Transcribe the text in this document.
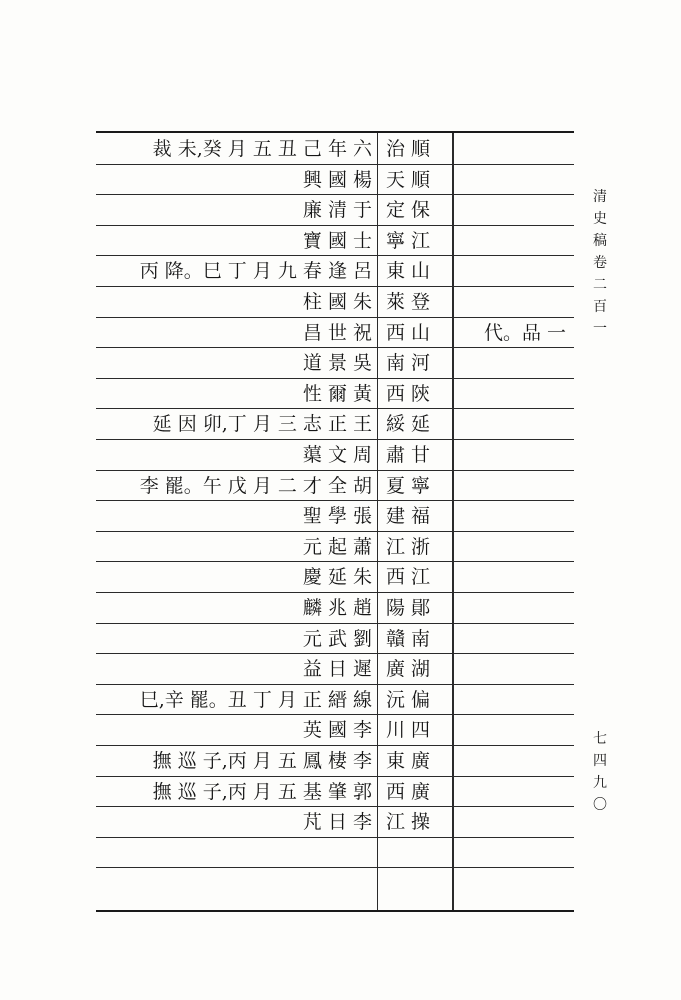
裁 未,癸 月 五 丑 己 年 六 治 順
興 國 楊 天 順
廉 清 于 定 保
寶 國 士 寧 江
丙 降。巳 丁 月 九 春 逢 呂 東 山
柱 國 朱 萊 登
昌 世 祝 西 山	代。品 一
道 景 吳 南 河
性 爾 黃 西 陝
延 因 卯,丁 月 三 志 正 王 綏 延
蕖 文 周 肅 甘
李 罷。午 戊 月 二 才 全 胡 夏 寧
聖 學 張 建 福
元 起 蕭 江 浙
慶 延 朱 西 江
麟 兆 趙 陽 鄖
元 武 劉 贛 南
益 日 遲 廣 湖
巳,辛 罷。丑 丁 月 正 縉 線 沅 偏
英 國 李 川 四
撫 巡 子,丙 月 五 鳳 棲 李 東 廣
撫 巡 子,丙 月 五 基 肇 郭 西 廣
芃 日 李 江 操
清史稿卷二百一
七四九〇
